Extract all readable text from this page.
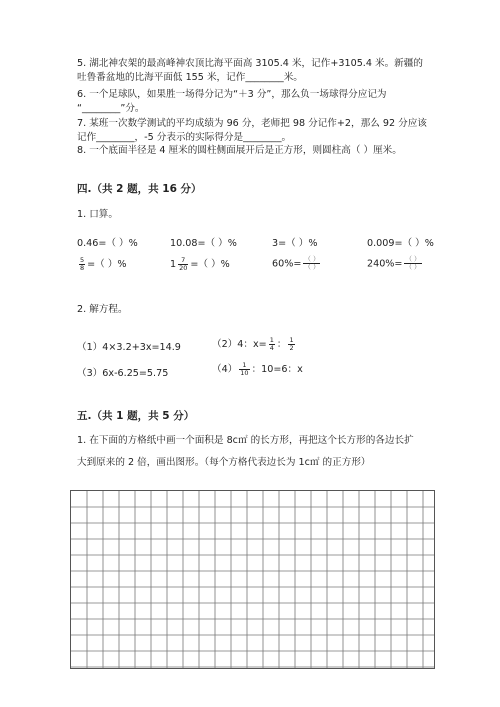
5. 湖北神农架的最高峰神农顶比海平面高 3105.4 米，记作+3105.4 米。新疆的
吐鲁番盆地的比海平面低 155 米，记作________米。
6. 一个足球队，如果胜一场得分记为“＋3 分”，那么负一场球得分应记为
“________”分。
7. 某班一次数学测试的平均成绩为 96 分，老师把 98 分记作+2，那么 92 分应该
记作________，-5 分表示的实际得分是________。
8. 一个底面半径是 4 厘米的圆柱侧面展开后是正方形，则圆柱高（ ）厘米。
四.（共 2 题，共 16 分）
1. 口算。
0.46=（ ）%	10.08=（ ）%	3=（ ）%	0.009=（ ）%
$\frac{5}{8}$ =（ ）%	$1 \frac{7}{20}$ =（ ）%	$60\%= \frac{( )}{( )}$	$240\%= \frac{( )}{( )}$
2. 解方程。
（1）4×3.2+3x=14.9	（2）4：$x= \frac{1}{4}$ ： $\frac{1}{2}$
（3）6x-6.25=5.75	$(4) \frac{1}{10}$ ：10=6：x
五.（共 1 题，共 5 分）
1. 在下面的方格纸中画一个面积是 8c㎡ 的长方形，再把这个长方形的各边长扩
大到原来的 2 倍，画出图形。（每个方格代表边长为 1c㎡ 的正方形）
